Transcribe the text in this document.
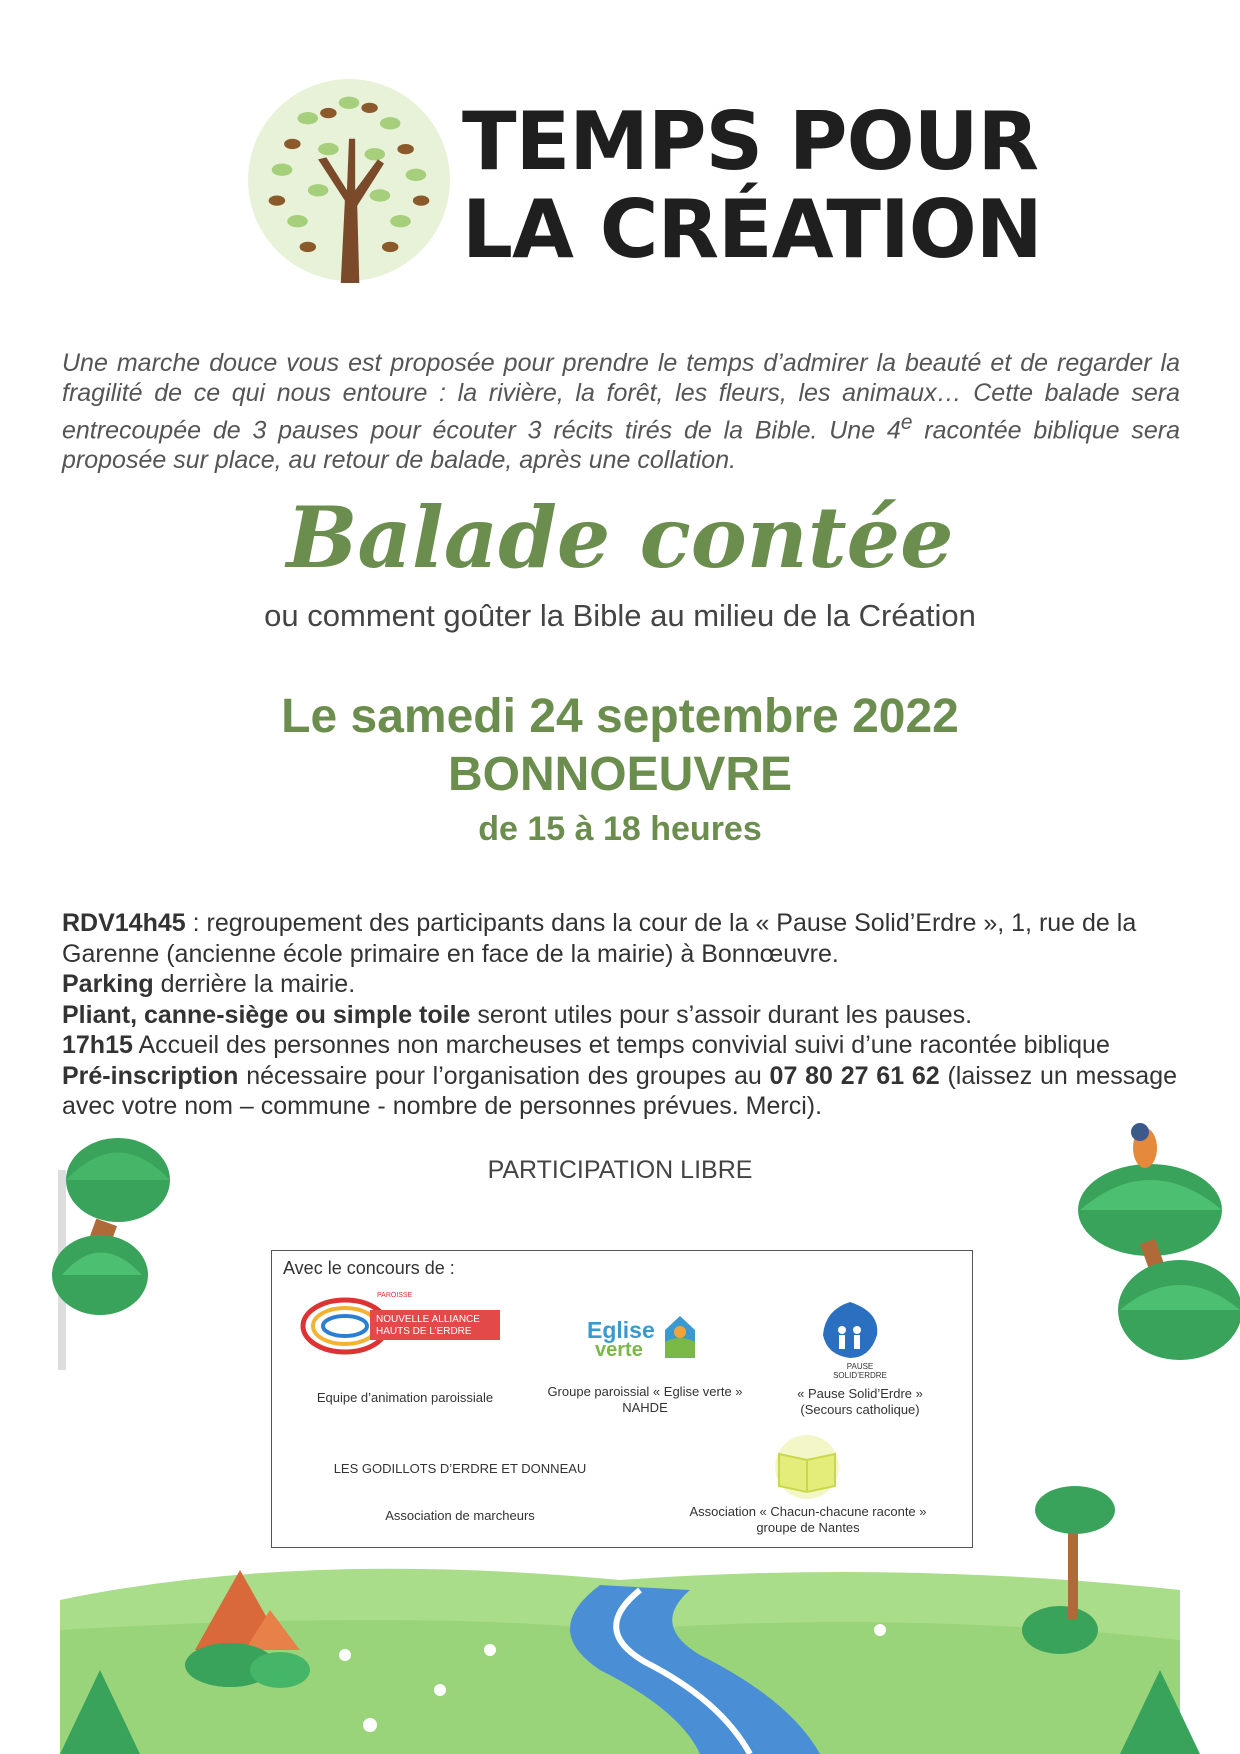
TEMPS POUR
LA CRÉATION
Une marche douce vous est proposée pour prendre le temps d’admirer la beauté et de regarder la fragilité de ce qui nous entoure : la rivière, la forêt, les fleurs, les animaux… Cette balade sera entrecoupée de 3 pauses pour écouter 3 récits tirés de la Bible. Une 4e racontée biblique sera proposée sur place, au retour de balade, après une collation.
Balade contée
ou comment goûter la Bible au milieu de la Création
Le samedi 24 septembre 2022
BONNOEUVRE
de 15 à 18 heures

RDV14h45 : regroupement des participants dans la cour de la « Pause Solid’Erdre », 1, rue de la Garenne (ancienne école primaire en face de la mairie) à Bonnœuvre.

Parking derrière la mairie.

Pliant, canne-siège ou simple toile seront utiles pour s’assoir durant les pauses.

17h15 Accueil des personnes non marcheuses et temps convivial suivi d’une racontée biblique

Pré-inscription nécessaire pour l’organisation des groupes au 07 80 27 61 62 (laissez un message avec votre nom – commune - nombre de personnes prévues. Merci).

PARTICIPATION LIBRE
Avec le concours de :
PAROISSE
NOUVELLE ALLIANCE
HAUTS DE L’ERDRE
Equipe d’animation paroissiale
Eglise
verte
Groupe paroissial « Eglise verte »
NAHDE
PAUSE SOLID’ERDRE
« Pause Solid’Erdre »
(Secours catholique)
LES GODILLOTS D’ERDRE ET DONNEAU
Association de marcheurs	Association « Chacun-chacune raconte »
groupe de Nantes
